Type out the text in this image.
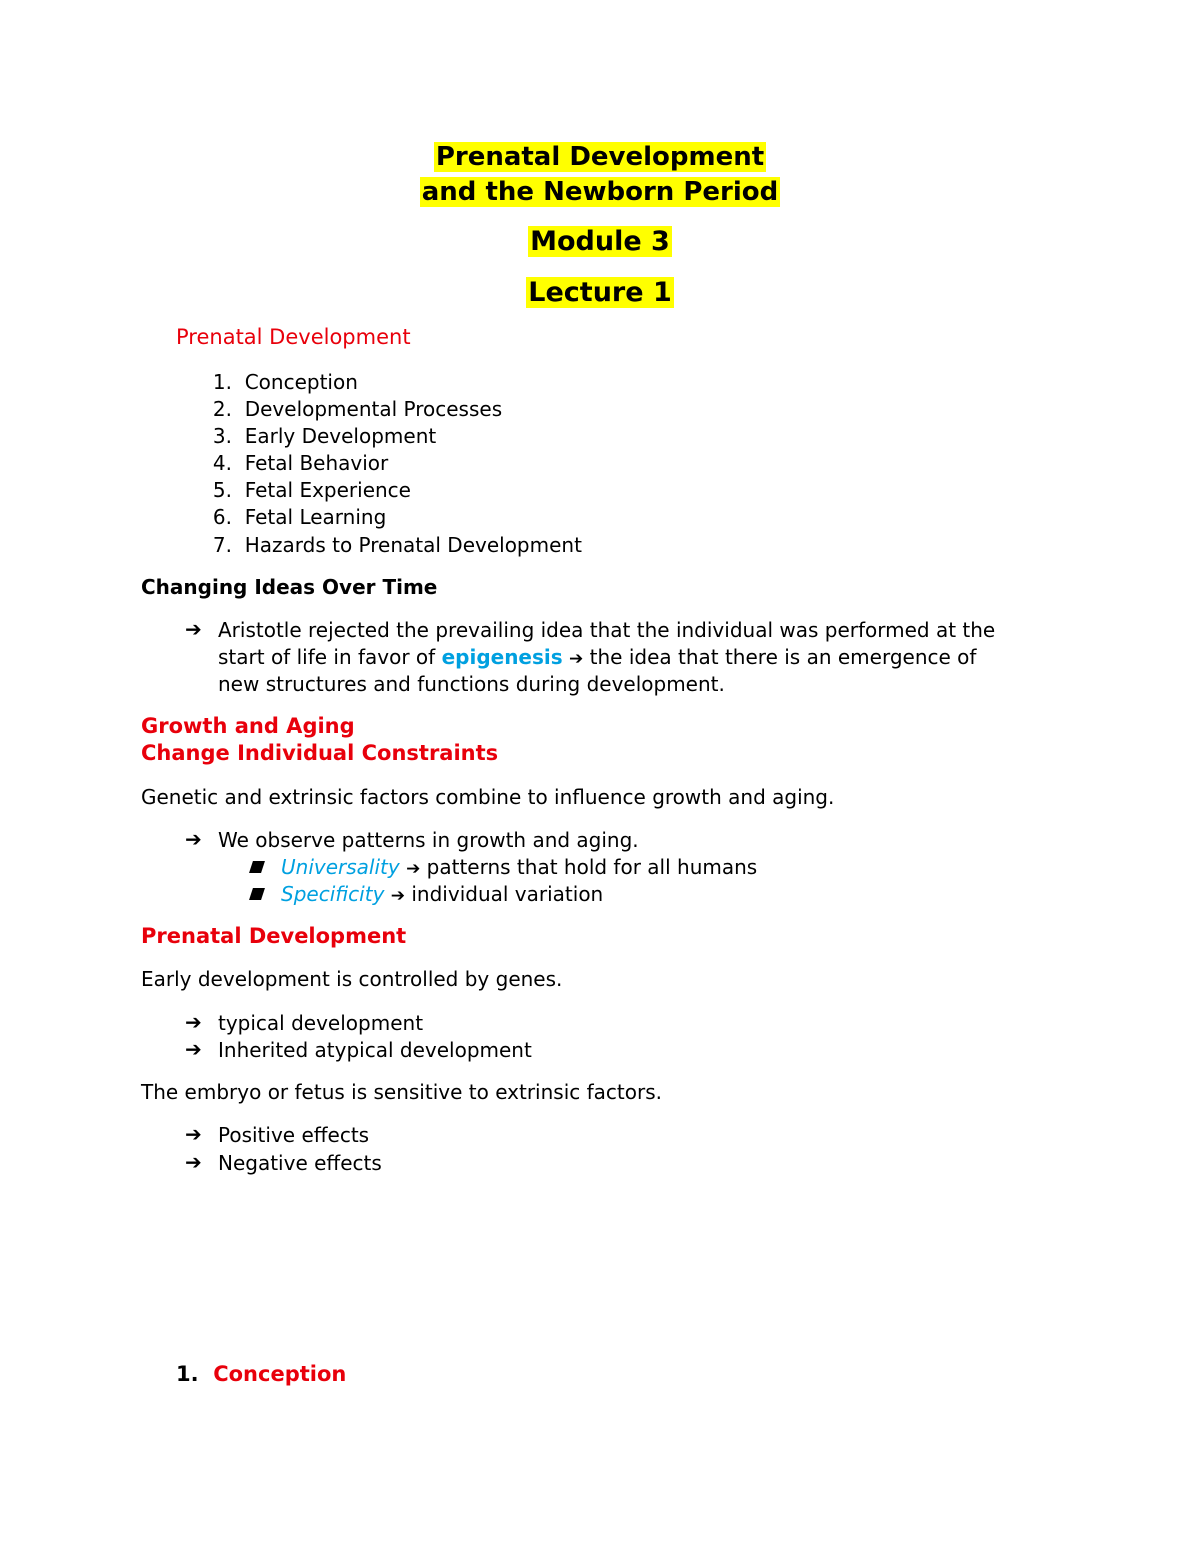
Prenatal Development
and the Newborn Period
Module 3
Lecture 1
Prenatal Development
1. Conception
2. Developmental Processes
3. Early Development
4. Fetal Behavior
5. Fetal Experience
6. Fetal Learning
7. Hazards to Prenatal Development
Changing Ideas Over Time
➔ Aristotle rejected the prevailing idea that the individual was performed at the
start of life in favor of epigenesis ➔ the idea that there is an emergence of
new structures and functions during development.
Growth and Aging
Change Individual Constraints
Genetic and extrinsic factors combine to influence growth and aging.
➔ We observe patterns in growth and aging.
Universality ➔ patterns that hold for all humans
Specificity ➔ individual variation
Prenatal Development
Early development is controlled by genes.
➔ typical development
➔ Inherited atypical development
The embryo or fetus is sensitive to extrinsic factors.
➔ Positive effects
➔ Negative effects
1. Conception
